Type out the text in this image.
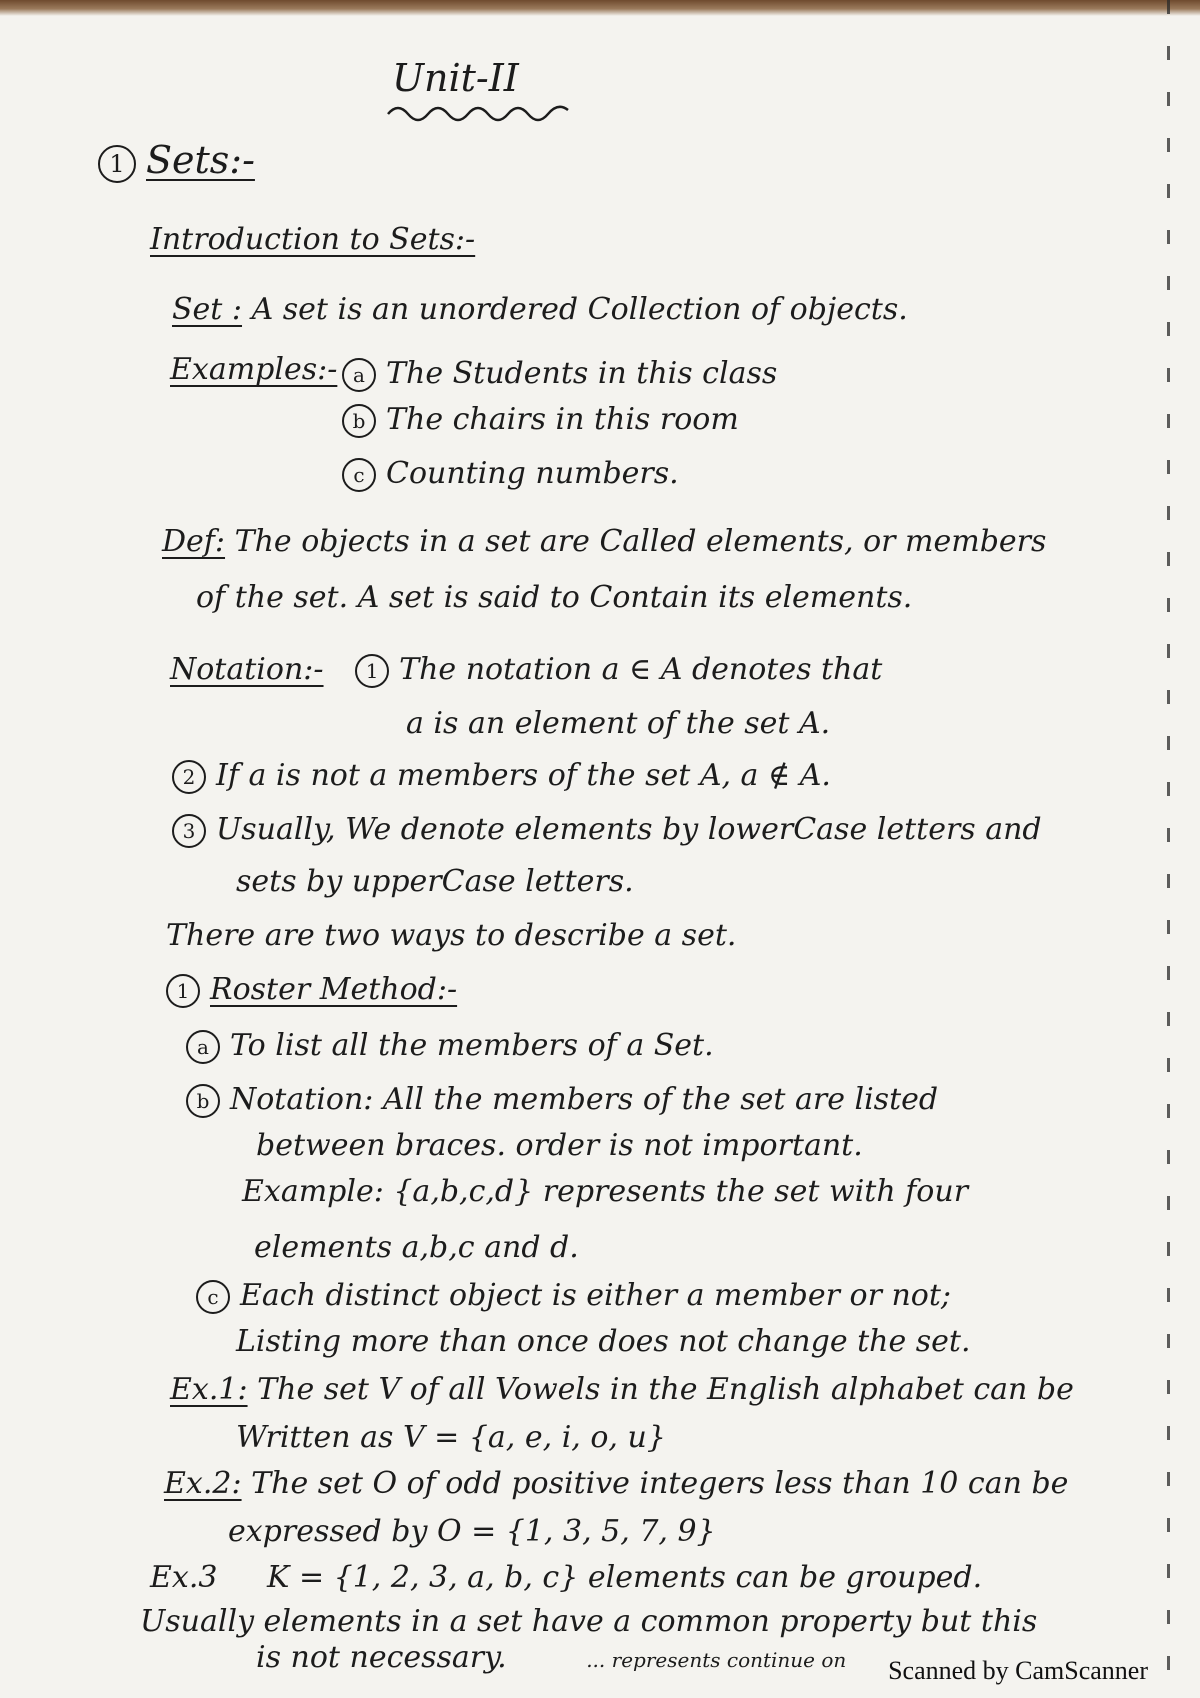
Unit-II
1 Sets:-
Introduction to Sets:-
Set : A set is an unordered Collection of objects.
Examples:- a The Students in this class
b The chairs in this room
c Counting numbers.
Def: The objects in a set are Called elements, or members
of the set. A set is said to Contain its elements.
Notation:- 1 The notation a ∈ A denotes that
a is an element of the set A.
2 If a is not a members of the set A, a ∉ A.
3 Usually, We denote elements by lowerCase letters and
sets by upperCase letters.
There are two ways to describe a set.
1 Roster Method:-
a To list all the members of a Set.
b Notation: All the members of the set are listed
between braces. order is not important.
Example: {a,b,c,d} represents the set with four
elements a,b,c and d.
c Each distinct object is either a member or not;
Listing more than once does not change the set.
Ex.1: The set V of all Vowels in the English alphabet can be
Written as V = {a, e, i, o, u}
Ex.2: The set O of odd positive integers less than 10 can be
expressed by O = {1, 3, 5, 7, 9}
Ex.3 K = {1, 2, 3, a, b, c} elements can be grouped.
Usually elements in a set have a common property but this
is not necessary.	... represents continue on Scanned by CamScanner
